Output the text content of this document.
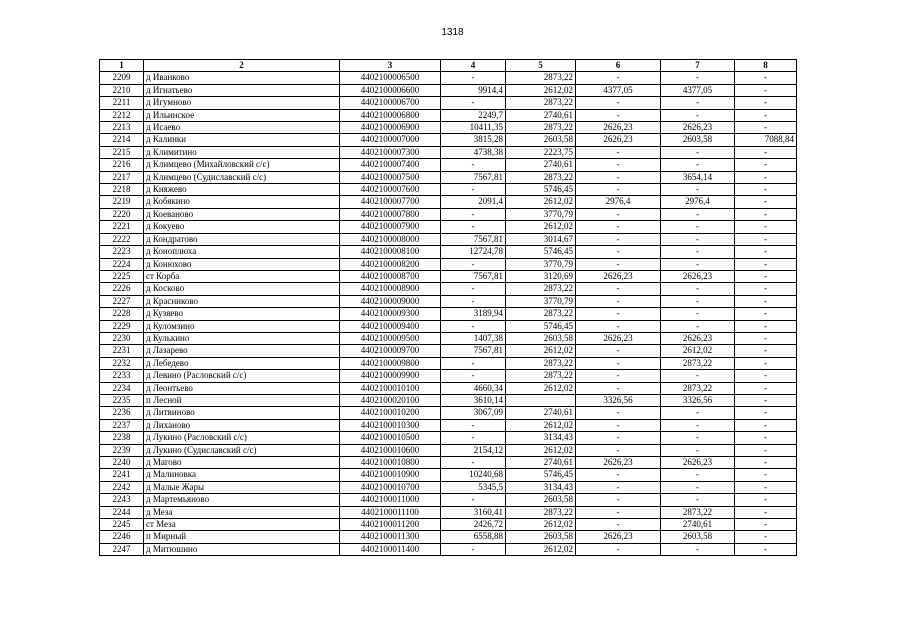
1318
1	2	3	4	5	6	7	8
2209	д Иванково	4402100006500	-	2873,22	-	-	-
2210	д Игнатьево	4402100006600	9914,4	2612,02	4377,05	4377,05	-
2211	д Игумново	4402100006700	-	2873,22	-	-	-
2212	д Ильинское	4402100006800	2249,7	2740,61	-	-	-
2213	д Исаево	4402100006900	10411,35	2873,22	2626,23	2626,23	-
2214	д Калинки	4402100007000	3815,28	2603,58	2626,23	2603,58	7088,84
2215	д Климитино	4402100007300	4738,38	2223,75	-	-	-
2216	д Климцево (Михайловский с/с)	4402100007400	-	2740,61	-	-	-
2217	д Климцево (Судиславский с/с)	4402100007500	7567,81	2873,22	-	3654,14	-
2218	д Княжево	4402100007600	-	5746,45	-	-	-
2219	д Кобякино	4402100007700	2091,4	2612,02	2976,4	2976,4	-
2220	д Коеваново	4402100007800	-	3770,79	-	-	-
2221	д Кокуево	4402100007900	-	2612,02	-	-	-
2222	д Кондратово	4402100008000	7567,81	3014,67	-	-	-
2223	д Коноплюха	4402100008100	12724,78	5746,45	-	-	-
2224	д Конюхово	4402100008200	-	3770,79	-	-	-
2225	ст Корба	4402100008700	7567,81	3120,69	2626,23	2626,23	-
2226	д Косково	4402100008900	-	2873,22	-	-	-
2227	д Красниково	4402100009000	-	3770,79	-	-	-
2228	д Кузяево	4402100009300	3189,94	2873,22	-	-	-
2229	д Куломзино	4402100009400	-	5746,45	-	-	-
2230	д Кулькино	4402100009500	1407,38	2603,58	2626,23	2626,23	-
2231	д Лазарево	4402100009700	7567,81	2612,02	-	2612,02	-
2232	д Лебедево	4402100009800	-	2873,22	-	2873,22	-
2233	д Левино (Расловский с/с)	4402100009900	-	2873,22	-	-	-
2234	д Леонтьево	4402100010100	4660,34	2612,02	-	2873,22	-
2235	п Лесной	4402100020100	3610,14		3326,56	3326,56	-
2236	д Литвиново	4402100010200	3067,09	2740,61	-	-	-
2237	д Лиханово	4402100010300	-	2612,02	-	-	-
2238	д Лукино (Расловский с/с)	4402100010500	-	3134,43	-	-	-
2239	д Лукино (Судиславский с/с)	4402100010600	2154,12	2612,02	-	-	-
2240	д Магово	4402100010800	-	2740,61	2626,23	2626,23	-
2241	д Малиновка	4402100010900	10240,68	5746,45	-	-	-
2242	д Малые Жары	4402100010700	5345,5	3134,43	-	-	-
2243	д Мартемьяново	4402100011000	-	2603,58	-	-	-
2244	д Меза	4402100011100	3160,41	2873,22	-	2873,22	-
2245	ст Меза	4402100011200	2426,72	2612,02	-	2740,61	-
2246	п Мирный	4402100011300	6558,88	2603,58	2626,23	2603,58	-
2247	д Митюшино	4402100011400	-	2612,02	-	-	-
